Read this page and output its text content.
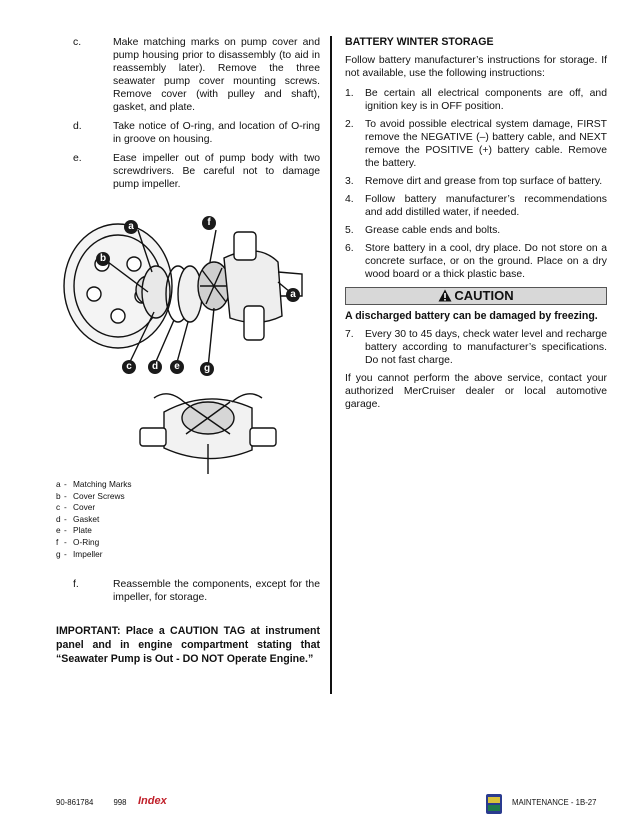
c.	Make matching marks on pump cover and pump housing prior to disassembly (to aid in reassembly later). Remove the three seawater pump cover mounting screws. Remove cover (with pulley and shaft), gasket, and plate.
d.	Take notice of O-ring, and location of O-ring in groove on housing.
e.	Ease impeller out of pump body with two screwdrivers. Be careful not to damage pump impeller.
a	f
b
a
c	d	e	g
a - Matching Marks
b - Cover Screws
c - Cover
d - Gasket
e - Plate
f - O-Ring
g - Impeller
f.	Reassemble the components, except for the impeller, for storage.
IMPORTANT: Place a CAUTION TAG at instrument panel and in engine compartment stating that “Seawater Pump is Out - DO NOT Operate Engine.”
BATTERY WINTER STORAGE

Follow battery manufacturer’s instructions for storage. If not available, use the following instructions:

1.	Be certain all electrical components are off, and ignition key is in OFF position.
2.	To avoid possible electrical system damage, FIRST remove the NEGATIVE (–) battery cable, and NEXT remove the POSITIVE (+) battery cable. Remove the battery.
3.	Remove dirt and grease from top surface of battery.
4.	Follow battery manufacturer’s recommendations and add distilled water, if needed.
5.	Grease cable ends and bolts.
6.	Store battery in a cool, dry place. Do not store on a concrete surface, or on the ground. Place on a dry wood board or a thick plastic base.
CAUTION
A discharged battery can be damaged by freezing.
7.	Every 30 to 45 days, check water level and recharge battery according to manufacturer’s specifications. Do not fast charge.

If you cannot perform the above service, contact your authorized MerCruiser dealer or local automotive garage.

90-861784	998 Index	MAINTENANCE - 1B-27
